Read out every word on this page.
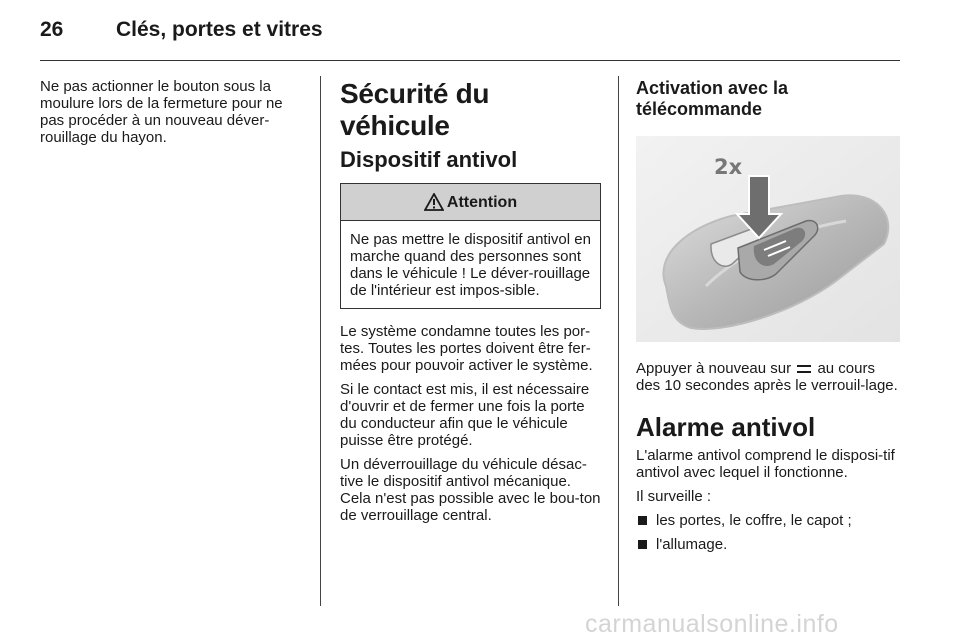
26	Clés, portes et vitres

Ne pas actionner le bouton sous la moulure lors de la fermeture pour ne pas procéder à un nouveau déver-rouillage du hayon.

Sécurité du véhicule
Dispositif antivol
Attention
Ne pas mettre le dispositif antivol en marche quand des personnes sont dans le véhicule ! Le déver-rouillage de l'intérieur est impos-sible.

Le système condamne toutes les por-tes. Toutes les portes doivent être fer-mées pour pouvoir activer le système.

Si le contact est mis, il est nécessaire d'ouvrir et de fermer une fois la porte du conducteur afin que le véhicule puisse être protégé.

Un déverrouillage du véhicule désac-tive le dispositif antivol mécanique. Cela n'est pas possible avec le bou-ton de verrouillage central.

Activation avec la télécommande
2x

Appuyer à nouveau sur au cours des 10 secondes après le verrouil-lage.

Alarme antivol

L'alarme antivol comprend le disposi-tif antivol avec lequel il fonctionne.

Il surveille :

les portes, le coffre, le capot ;
l'allumage.
carmanualsonline.info
